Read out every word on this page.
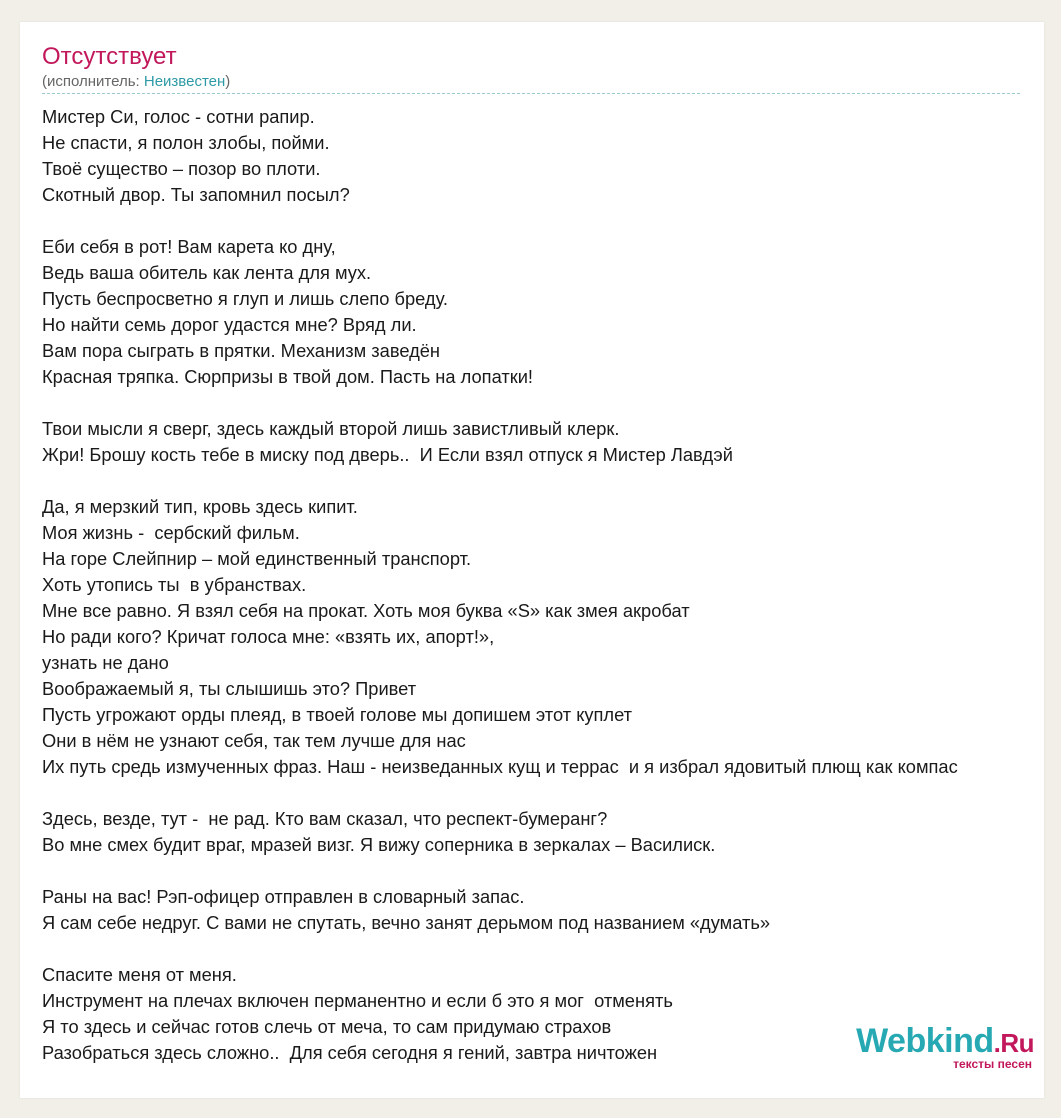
Отсутствует
(исполнитель: Неизвестен)
Мистер Си, голос - сотни рапир.
Не спасти, я полон злобы, пойми.
Твоё существо – позор во плоти.
Скотный двор. Ты запомнил посыл?
Еби себя в рот! Вам карета ко дну,
Ведь ваша обитель как лента для мух.
Пусть беспросветно я глуп и лишь слепо бреду.
Но найти семь дорог удастся мне? Вряд ли.
Вам пора сыграть в прятки. Механизм заведён
Красная тряпка. Сюрпризы в твой дом. Пасть на лопатки!
Твои мысли я сверг, здесь каждый второй лишь завистливый клерк.
Жри! Брошу кость тебе в миску под дверь..  И Если взял отпуск я Мистер Лавдэй
Да, я мерзкий тип, кровь здесь кипит.
Моя жизнь -  сербский фильм.
На горе Слейпнир – мой единственный транспорт.
Хоть утопись ты  в убранствах.
Мне все равно. Я взял себя на прокат. Хоть моя буква «S» как змея акробат
Но ради кого? Кричат голоса мне: «взять их, апорт!»,
узнать не дано
Воображаемый я, ты слышишь это? Привет
Пусть угрожают орды плеяд, в твоей голове мы допишем этот куплет
Они в нём не узнают себя, так тем лучше для нас
Их путь средь измученных фраз. Наш - неизведанных кущ и террас  и я избрал ядовитый плющ как компас
Здесь, везде, тут -  не рад. Кто вам сказал, что респект-бумеранг?
Во мне смех будит враг, мразей визг. Я вижу соперника в зеркалах – Василиск.
Раны на вас! Рэп-офицер отправлен в словарный запас.
Я сам себе недруг. С вами не спутать, вечно занят дерьмом под названием «думать»
Спасите меня от меня.
Инструмент на плечах включен перманентно и если б это я мог  отменять
Я то здесь и сейчас готов слечь от меча, то сам придумаю страхов
Разобраться здесь сложно..  Для себя сегодня я гений, завтра ничтожен	Webkind.Ru
тексты песен
